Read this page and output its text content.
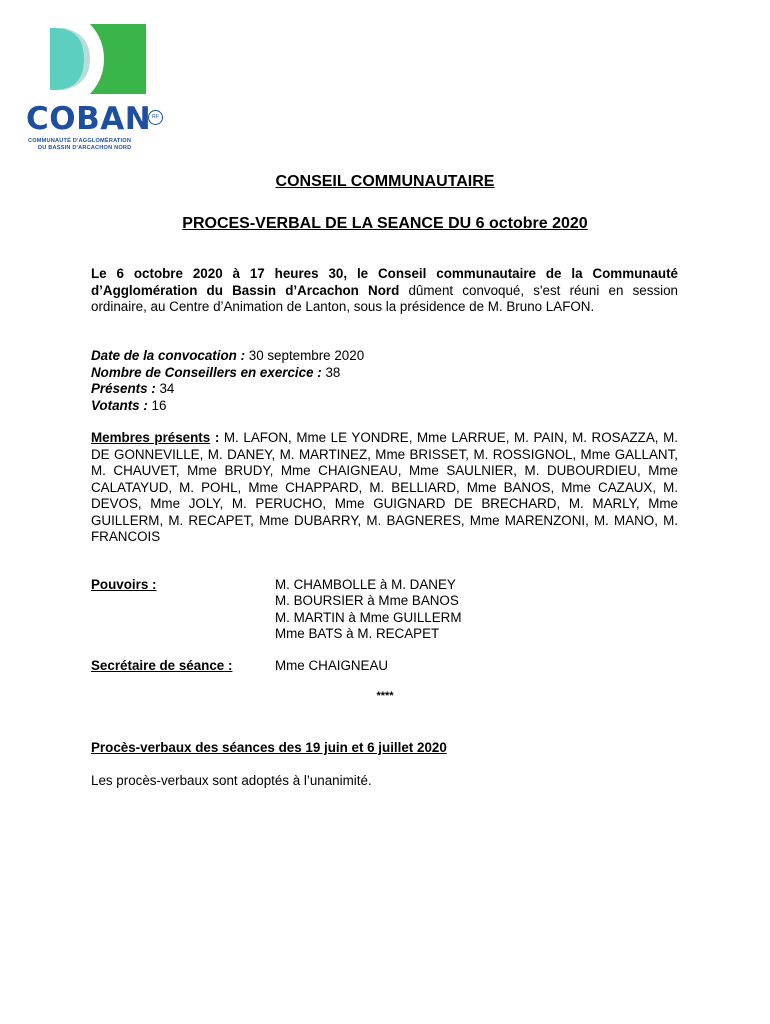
COBAN RF
COMMUNAUTÉ D'AGGLOMÉRATION
DU BASSIN D'ARCACHON NORD
CONSEIL COMMUNAUTAIRE
PROCES-VERBAL DE LA SEANCE DU 6 octobre 2020
Le 6 octobre 2020 à 17 heures 30, le Conseil communautaire de la Communauté d’Agglomération du Bassin d’Arcachon Nord dûment convoqué, s'est réuni en session ordinaire, au Centre d’Animation de Lanton, sous la présidence de M. Bruno LAFON.
Date de la convocation : 30 septembre 2020
Nombre de Conseillers en exercice : 38
Présents : 34
Votants : 16
Membres présents : M. LAFON, Mme LE YONDRE, Mme LARRUE, M. PAIN, M. ROSAZZA, M. DE GONNEVILLE, M. DANEY, M. MARTINEZ, Mme BRISSET, M. ROSSIGNOL, Mme GALLANT, M. CHAUVET, Mme BRUDY, Mme CHAIGNEAU, Mme SAULNIER, M. DUBOURDIEU, Mme CALATAYUD, M. POHL, Mme CHAPPARD, M. BELLIARD, Mme BANOS, Mme CAZAUX, M. DEVOS, Mme JOLY, M. PERUCHO, Mme GUIGNARD DE BRECHARD, M. MARLY, Mme GUILLERM, M. RECAPET, Mme DUBARRY, M. BAGNERES, Mme MARENZONI, M. MANO, M. FRANCOIS
Pouvoirs :	M. CHAMBOLLE à M. DANEY
M. BOURSIER à Mme BANOS
M. MARTIN à Mme GUILLERM
Mme BATS à M. RECAPET
Secrétaire de séance :	Mme CHAIGNEAU
****
Procès-verbaux des séances des 19 juin et 6 juillet 2020
Les procès-verbaux sont adoptés à l’unanimité.
